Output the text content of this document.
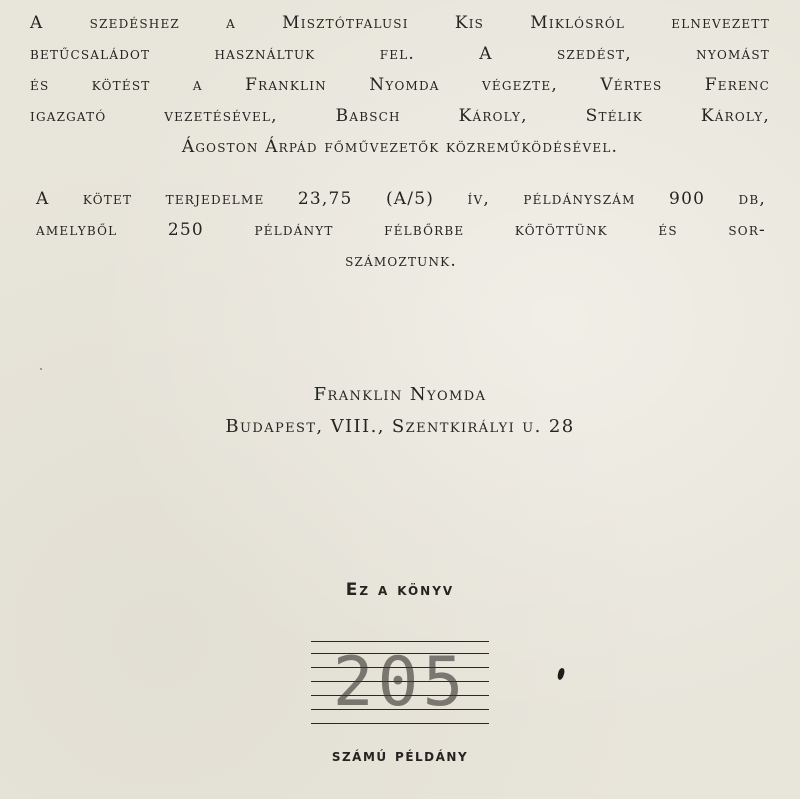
A szedéshez a Misztótfalusi Kis Miklósról elnevezett
betűcsaládot használtuk fel. A szedést, nyomást
és kötést a Franklin Nyomda végezte, Vértes Ferenc
igazgató vezetésével, Babsch Károly, Stélik Károly,
Ágoston Árpád főművezetők közreműködésével.
A kötet terjedelme 23,75 (A/5) ív, példányszám 900 db,
amelyből 250 példányt félbőrbe kötöttünk és sor-
számoztunk.
Franklin Nyomda
Budapest, VIII., Szentkirályi u. 28
Ez a könyv
205
számú példány
